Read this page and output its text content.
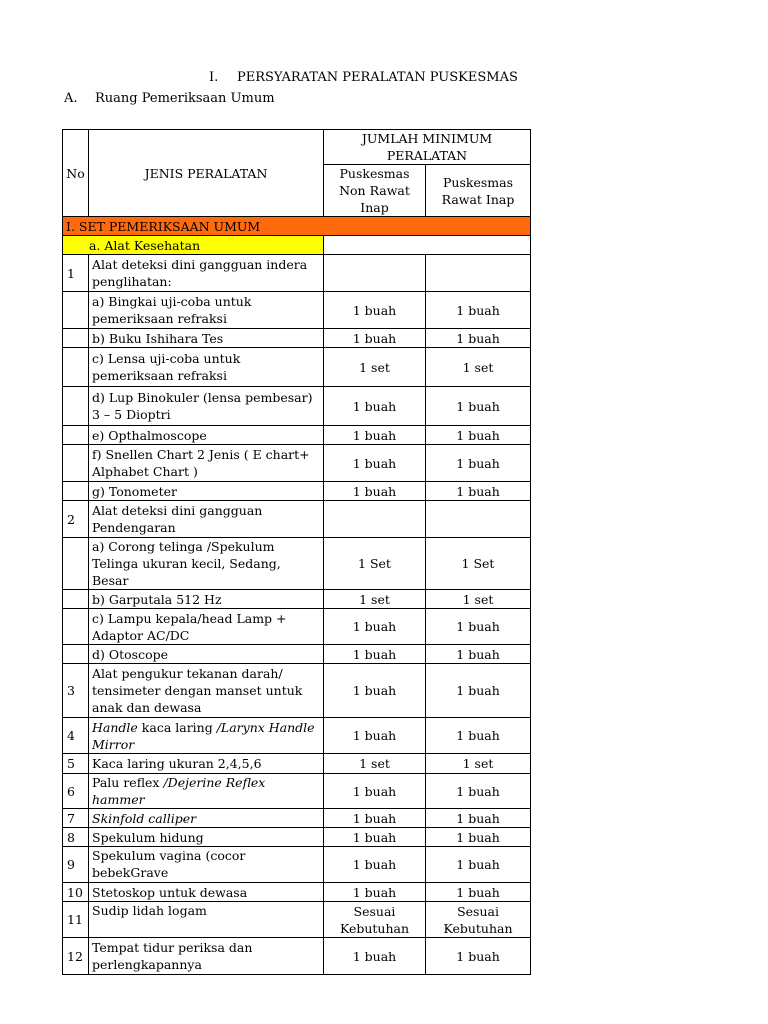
I. PERSYARATAN PERALATAN PUSKESMAS
A. Ruang Pemeriksaan Umum
No	JENIS PERALATAN	JUMLAH MINIMUM PERALATAN	
		Puskesmas Non Rawat Inap	Puskesmas Rawat Inap
I. SET PEMERIKSAAN UMUM			
a. Alat Kesehatan			
1	Alat deteksi dini gangguan indera penglihatan:		
	a) Bingkai uji-coba untuk pemeriksaan refraksi	1 buah	1 buah
	b) Buku Ishihara Tes	1 buah	1 buah
	c) Lensa uji-coba untuk pemeriksaan refraksi	1 set	1 set
	d) Lup Binokuler (lensa pembesar) 3 – 5 Dioptri	1 buah	1 buah
	e) Opthalmoscope	1 buah	1 buah
	f) Snellen Chart 2 Jenis ( E chart+ Alphabet Chart )	1 buah	1 buah
	g) Tonometer	1 buah	1 buah
2	Alat deteksi dini gangguan Pendengaran		
	a) Corong telinga /Spekulum Telinga ukuran kecil, Sedang, Besar	1 Set	1 Set
	b) Garputala 512 Hz	1 set	1 set
	c) Lampu kepala/head Lamp + Adaptor AC/DC	1 buah	1 buah
	d) Otoscope	1 buah	1 buah
3	Alat pengukur tekanan darah/ tensimeter dengan manset untuk anak dan dewasa	1 buah	1 buah
4	Handle kaca laring /Larynx Handle Mirror	1 buah	1 buah
5	Kaca laring ukuran 2,4,5,6	1 set	1 set
6	Palu reflex /Dejerine Reflex hammer	1 buah	1 buah
7	Skinfold calliper	1 buah	1 buah
8	Spekulum hidung	1 buah	1 buah
9	Spekulum vagina (cocor bebekGrave	1 buah	1 buah
10	Stetoskop untuk dewasa	1 buah	1 buah
11	Sudip lidah logam	Sesuai Kebutuhan	Sesuai Kebutuhan
12	Tempat tidur periksa dan perlengkapannya	1 buah	1 buah
